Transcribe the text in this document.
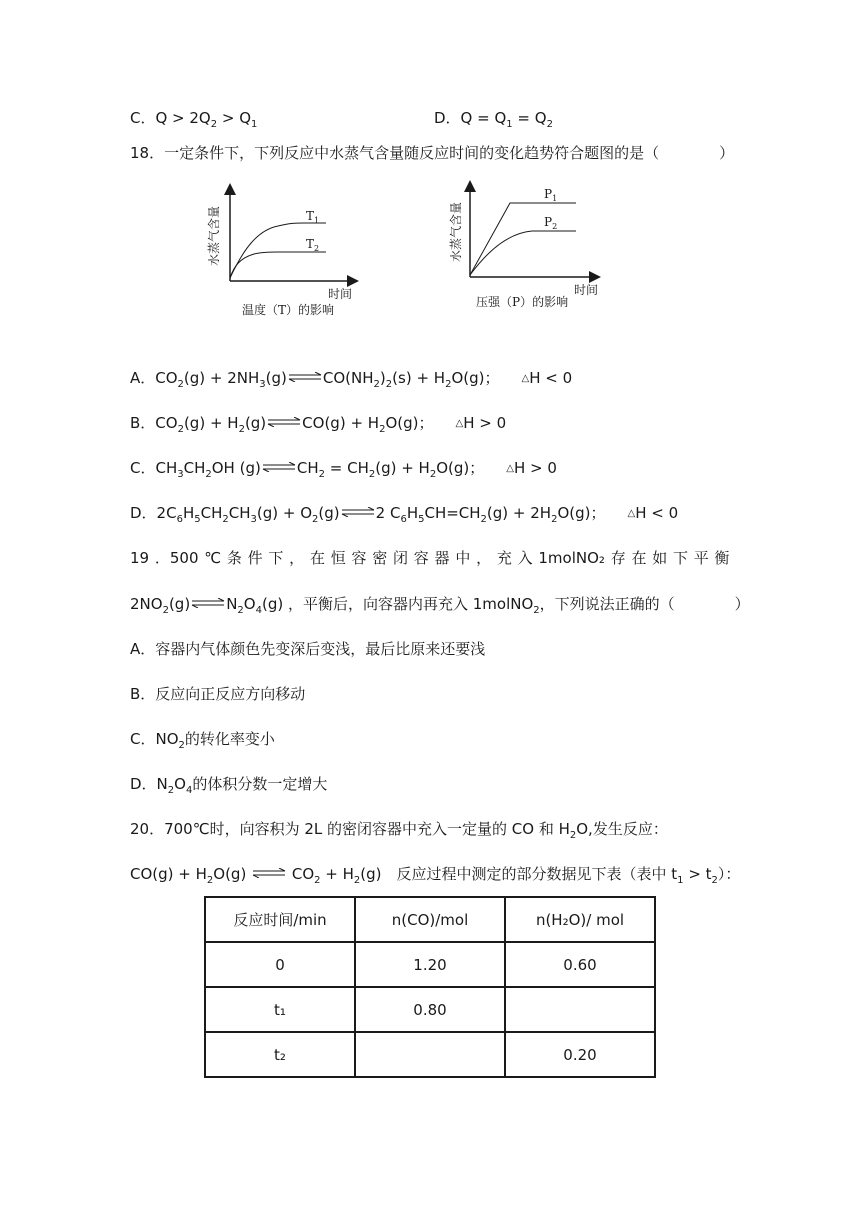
C．$Q > 2Q_2 > Q_1$	D．$Q = Q_1 = Q_2$
18．一定条件下，下列反应中水蒸气含量随反应时间的变化趋势符合题图的是（　　　　）
水蒸气含量
时间
温度（T）的影响
$T_1$
$T_2$	水蒸气含量
时间
压强（P）的影响
$P_1$
$P_2$
A．$CO_2(g) + 2NH_3(g) CO(NH_2)_2(s) + H_2O(g)$； △H < 0
B．$CO_2(g) + H_2(g) CO(g) + H_2O(g)$； △H > 0
C．$CH_3CH_2OH$ (g) $CH_2 = CH_2(g) + H_2O(g)$； △H > 0
D．$2C_6H_5CH_2CH_3(g) + O_2(g)$ 2 $C_6H_5CH=CH_2(g) + 2H_2O(g)$； △H < 0
19 ．500 ℃ 条 件 下 ， 在 恒 容 密 闭 容 器 中 ， 充 入 1molNO₂ 存 在 如 下 平 衡
$2NO_2(g)$ $N_2O_4(g)$ ，平衡后，向容器内再充入 1molNO$_2$，下列说法正确的（　　　　）
A．容器内气体颜色先变深后变浅，最后比原来还要浅
B．反应向正反应方向移动
C．$NO_2$的转化率变小
D．$N_2O_4$的体积分数一定增大
20．700℃时，向容积为 2L 的密闭容器中充入一定量的 CO 和 $H_2O$,发生反应：
$CO(g) + H_2O(g) CO_2 + H_2(g)$　反应过程中测定的部分数据见下表（表中 $t_1 > t_2$）：
反应时间/min	n(CO)/mol	n(H₂O)/ mol
0	1.20	0.60
t₁	0.80	
t₂		0.20
